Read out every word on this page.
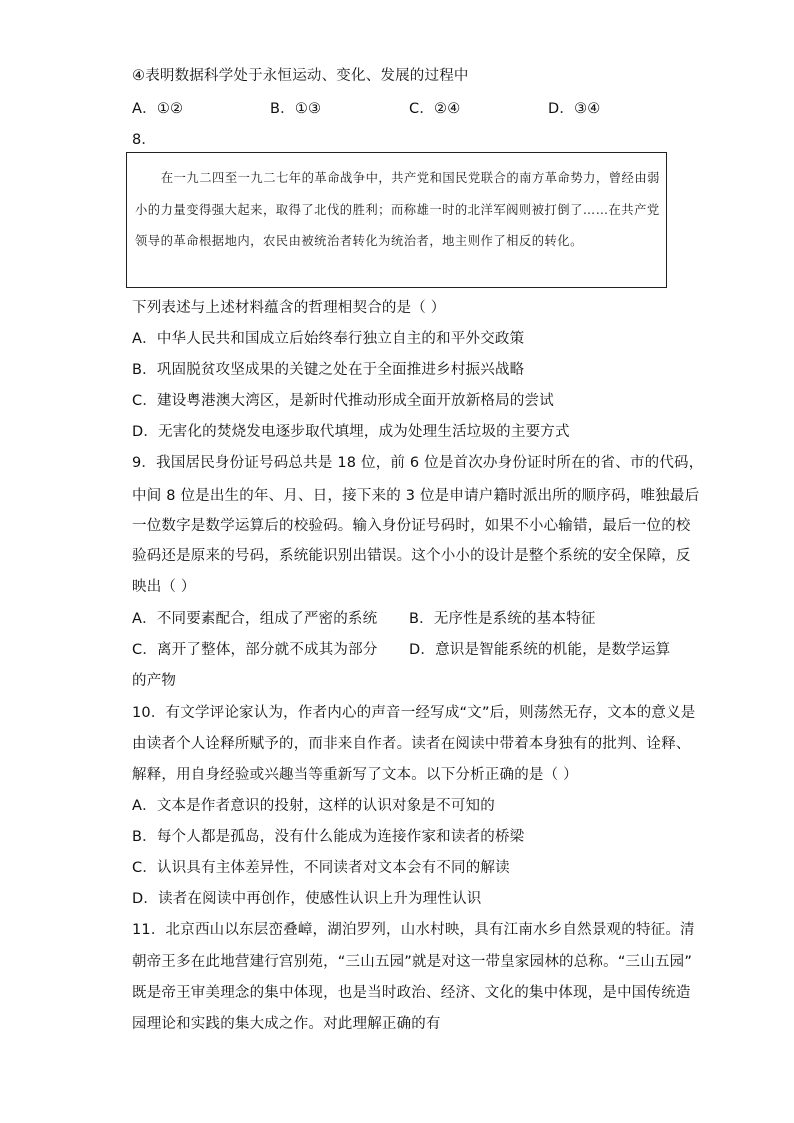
④表明数据科学处于永恒运动、变化、发展的过程中
A．①②	B．①③	C．②④	D．③④
8．
在一九二四至一九二七年的革命战争中，共产党和国民党联合的南方革命势力，曾经由弱小的力量变得强大起来，取得了北伐的胜利；而称雄一时的北洋军阀则被打倒了……在共产党领导的革命根据地内，农民由被统治者转化为统治者，地主则作了相反的转化。
下列表述与上述材料蕴含的哲理相契合的是（ ）
A．中华人民共和国成立后始终奉行独立自主的和平外交政策
B．巩固脱贫攻坚成果的关键之处在于全面推进乡村振兴战略
C．建设粤港澳大湾区，是新时代推动形成全面开放新格局的尝试
D．无害化的焚烧发电逐步取代填埋，成为处理生活垃圾的主要方式
9．我国居民身份证号码总共是 18 位，前 6 位是首次办身份证时所在的省、市的代码，
中间 8 位是出生的年、月、日，接下来的 3 位是申请户籍时派出所的顺序码，唯独最后
一位数字是数学运算后的校验码。输入身份证号码时，如果不小心输错，最后一位的校
验码还是原来的号码，系统能识别出错误。这个小小的设计是整个系统的安全保障，反
映出（ ）
A．不同要素配合，组成了严密的系统 B．无序性是系统的基本特征
C．离开了整体，部分就不成其为部分 D．意识是智能系统的机能，是数学运算
的产物
10．有文学评论家认为，作者内心的声音一经写成“文”后，则荡然无存，文本的意义是
由读者个人诠释所赋予的，而非来自作者。读者在阅读中带着本身独有的批判、诠释、
解释，用自身经验或兴趣当等重新写了文本。以下分析正确的是（ ）
A．文本是作者意识的投射，这样的认识对象是不可知的
B．每个人都是孤岛，没有什么能成为连接作家和读者的桥梁
C．认识具有主体差异性，不同读者对文本会有不同的解读
D．读者在阅读中再创作，使感性认识上升为理性认识
11．北京西山以东层峦叠嶂，湖泊罗列，山水村映，具有江南水乡自然景观的特征。清
朝帝王多在此地营建行宫别苑，“三山五园”就是对这一带皇家园林的总称。“三山五园”
既是帝王审美理念的集中体现，也是当时政治、经济、文化的集中体现，是中国传统造
园理论和实践的集大成之作。对此理解正确的有
